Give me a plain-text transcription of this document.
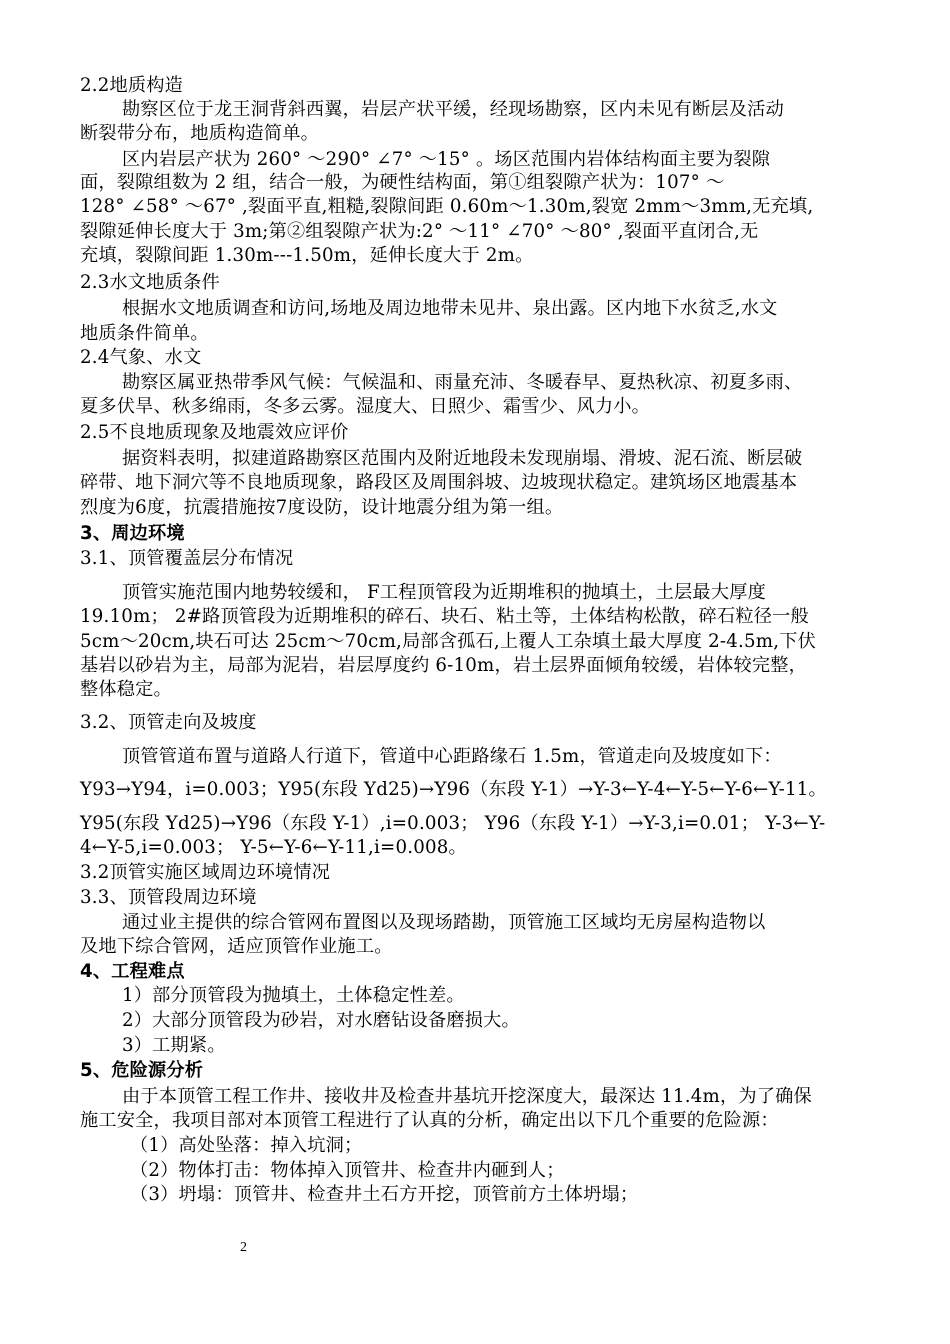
2.2地质构造
勘察区位于龙王洞背斜西翼，岩层产状平缓，经现场勘察，区内未见有断层及活动
断裂带分布，地质构造简单。
区内岩层产状为 260° ～290° ∠7° ～15° 。场区范围内岩体结构面主要为裂隙
面，裂隙组数为 2 组，结合一般，为硬性结构面，第①组裂隙产状为：107° ～
128° ∠58° ～67° ,裂面平直,粗糙,裂隙间距 0.60m～1.30m,裂宽 2mm～3mm,无充填,
裂隙延伸长度大于 3m;第②组裂隙产状为:2° ～11° ∠70° ～80° ,裂面平直闭合,无
充填，裂隙间距 1.30m---1.50m，延伸长度大于 2m。
2.3水文地质条件
根据水文地质调查和访问,场地及周边地带未见井、泉出露。区内地下水贫乏,水文
地质条件简单。
2.4气象、水文
勘察区属亚热带季风气候：气候温和、雨量充沛、冬暖春早、夏热秋凉、初夏多雨、
夏多伏旱、秋多绵雨，冬多云雾。湿度大、日照少、霜雪少、风力小。
2.5不良地质现象及地震效应评价
据资料表明，拟建道路勘察区范围内及附近地段未发现崩塌、滑坡、泥石流、断层破
碎带、地下洞穴等不良地质现象，路段区及周围斜坡、边坡现状稳定。建筑场区地震基本
烈度为6度，抗震措施按7度设防，设计地震分组为第一组。
3、周边环境
3.1、顶管覆盖层分布情况
顶管实施范围内地势较缓和， F工程顶管段为近期堆积的抛填土，土层最大厚度
19.10m； 2#路顶管段为近期堆积的碎石、块石、粘土等，土体结构松散，碎石粒径一般
5cm～20cm,块石可达 25cm～70cm,局部含孤石,上覆人工杂填土最大厚度 2-4.5m,下伏
基岩以砂岩为主，局部为泥岩，岩层厚度约 6-10m，岩土层界面倾角较缓，岩体较完整，
整体稳定。
3.2、顶管走向及坡度
顶管管道布置与道路人行道下，管道中心距路缘石 1.5m，管道走向及坡度如下：
Y93→Y94，i=0.003；Y95(东段 Yd25)→Y96（东段 Y-1）→Y-3←Y-4←Y-5←Y-6←Y-11。
Y95(东段 Yd25)→Y96（东段 Y-1）,i=0.003； Y96（东段 Y-1）→Y-3,i=0.01； Y-3←Y-
4←Y-5,i=0.003； Y-5←Y-6←Y-11,i=0.008。
3.2顶管实施区域周边环境情况
3.3、顶管段周边环境
通过业主提供的综合管网布置图以及现场踏勘，顶管施工区域均无房屋构造物以
及地下综合管网，适应顶管作业施工。
4、工程难点
1）部分顶管段为抛填土，土体稳定性差。
2）大部分顶管段为砂岩，对水磨钻设备磨损大。
3）工期紧。
5、危险源分析
由于本顶管工程工作井、接收井及检查井基坑开挖深度大，最深达 11.4m，为了确保
施工安全，我项目部对本顶管工程进行了认真的分析，确定出以下几个重要的危险源：
（1）高处坠落：掉入坑洞；
（2）物体打击：物体掉入顶管井、检查井内砸到人；
（3）坍塌：顶管井、检查井土石方开挖，顶管前方土体坍塌；
2
